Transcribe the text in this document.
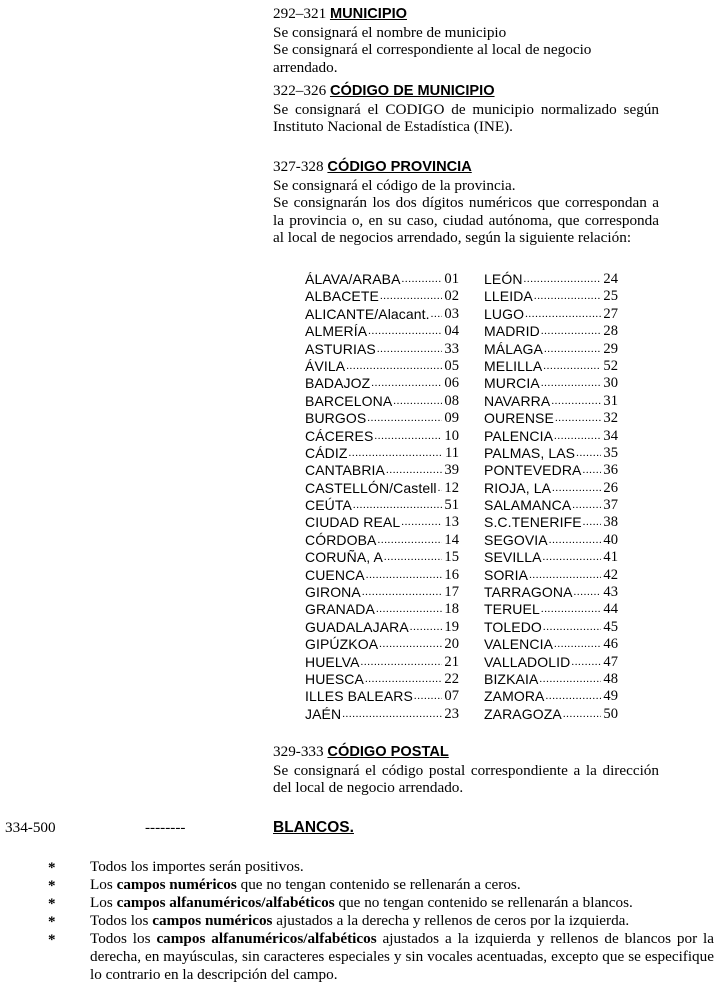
292–321 MUNICIPIO
Se consignará el nombre de municipio
Se consignará el correspondiente al local de negocio arrendado.
322–326 CÓDIGO DE MUNICIPIO
Se consignará el CODIGO de municipio normalizado según Instituto Nacional de Estadística (INE).
327-328 CÓDIGO PROVINCIA
Se consignará el código de la provincia.
Se consignarán los dos dígitos numéricos que correspondan a la provincia o, en su caso, ciudad autónoma, que corresponda al local de negocios arrendado, según la siguiente relación:
ÁLAVA/ARABA .....	01
ALBACETE .....	02
ALICANTE/Alacant. ..... 03
ALMERÍA .....	04
ASTURIAS .....	33
ÁVILA .....	05
BADAJOZ .....	06
BARCELONA .....	08
BURGOS .....	09
CÁCERES .....	10
CÁDIZ .....	11
CANTABRIA .....	39
CASTELLÓN/Castell ..... 12
CEÚTA .....	51
CIUDAD REAL .....	13
CÓRDOBA .....	14
CORUÑA, A .....	15
CUENCA .....	16
GIRONA .....	17
GRANADA .....	18
GUADALAJARA ..... 19
GIPÚZKOA .....	20
HUELVA .....	21
HUESCA .....	22
ILLES BALEARS ..... 07
JAÉN .....	23
LEÓN .....	24
LLEIDA .....	25
LUGO .....	27
MADRID .....	28
MÁLAGA .....	29
MELILLA .....	52
MURCIA .....	30
NAVARRA .....	31
OURENSE .....	32
PALENCIA .....	34
PALMAS, LAS ..... 35
PONTEVEDRA ..... 36
RIOJA, LA .....	26
SALAMANCA ..... 37
S.C.TENERIFE ..... 38
SEGOVIA .....	40
SEVILLA .....	41
SORIA .....	42
TARRAGONA ..... 43
TERUEL .....	44
TOLEDO .....	45
VALENCIA .....	46
VALLADOLID ..... 47
BIZKAIA .....	48
ZAMORA .....	49
ZARAGOZA .....	50
329-333 CÓDIGO POSTAL
Se consignará el código postal correspondiente a la dirección del local de negocio arrendado.
334-500	--------	BLANCOS.
* Todos los importes serán positivos.
* Los campos numéricos que no tengan contenido se rellenarán a ceros.
* Los campos alfanuméricos/alfabéticos que no tengan contenido se rellenarán a blancos.
* Todos los campos numéricos ajustados a la derecha y rellenos de ceros por la izquierda.
* Todos los campos alfanuméricos/alfabéticos ajustados a la izquierda y rellenos de blancos por la derecha, en mayúsculas, sin caracteres especiales y sin vocales acentuadas, excepto que se especifique lo contrario en la descripción del campo.
